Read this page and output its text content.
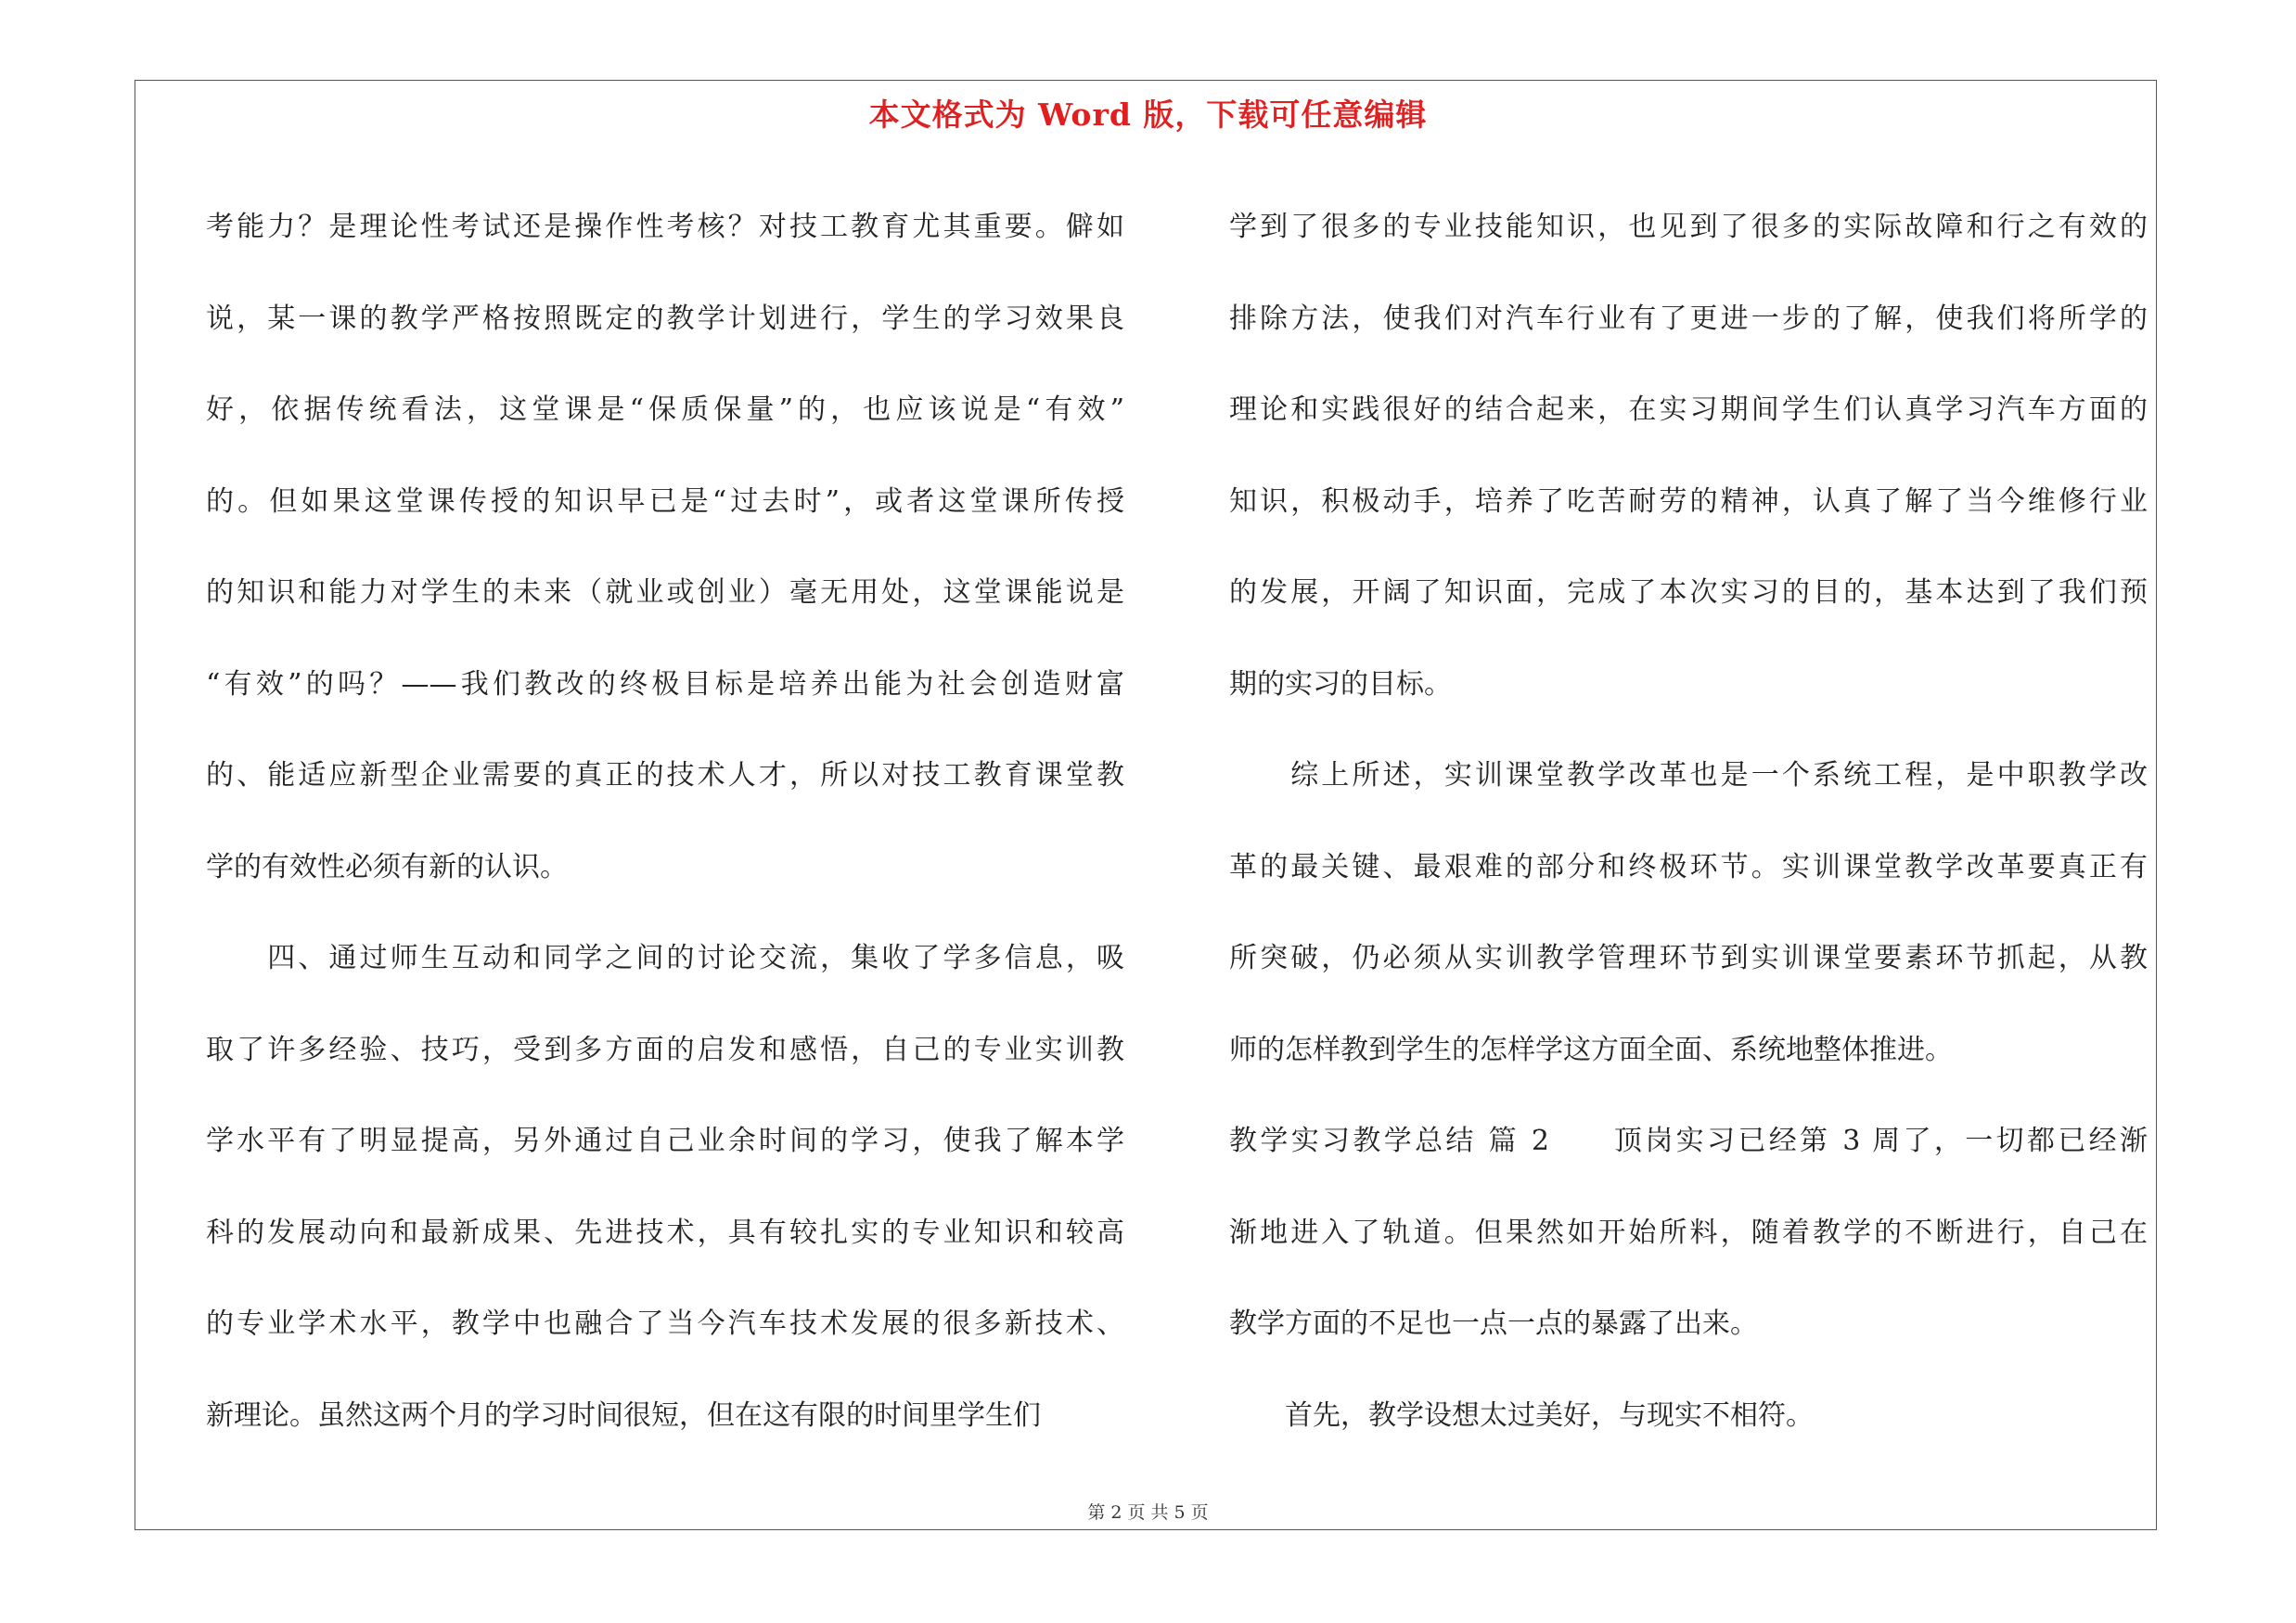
本文格式为 Word 版，下载可任意编辑
考能力？是理论性考试还是操作性考核？对技工教育尤其重要。僻如
说，某一课的教学严格按照既定的教学计划进行，学生的学习效果良
好，依据传统看法，这堂课是“保质保量”的，也应该说是“有效”
的。但如果这堂课传授的知识早已是“过去时”，或者这堂课所传授
的知识和能力对学生的未来（就业或创业）毫无用处，这堂课能说是
“有效”的吗？——我们教改的终极目标是培养出能为社会创造财富
的、能适应新型企业需要的真正的技术人才，所以对技工教育课堂教
学的有效性必须有新的认识。
　　四、通过师生互动和同学之间的讨论交流，集收了学多信息，吸
取了许多经验、技巧，受到多方面的启发和感悟，自己的专业实训教
学水平有了明显提高，另外通过自己业余时间的学习，使我了解本学
科的发展动向和最新成果、先进技术，具有较扎实的专业知识和较高
的专业学术水平，教学中也融合了当今汽车技术发展的很多新技术、
新理论。虽然这两个月的学习时间很短，但在这有限的时间里学生们
学到了很多的专业技能知识，也见到了很多的实际故障和行之有效的
排除方法，使我们对汽车行业有了更进一步的了解，使我们将所学的
理论和实践很好的结合起来，在实习期间学生们认真学习汽车方面的
知识，积极动手，培养了吃苦耐劳的精神，认真了解了当今维修行业
的发展，开阔了知识面，完成了本次实习的目的，基本达到了我们预
期的实习的目标。
　　综上所述，实训课堂教学改革也是一个系统工程，是中职教学改
革的最关键、最艰难的部分和终极环节。实训课堂教学改革要真正有
所突破，仍必须从实训教学管理环节到实训课堂要素环节抓起，从教
师的怎样教到学生的怎样学这方面全面、系统地整体推进。
教学实习教学总结 篇 2　　顶岗实习已经第 3 周了，一切都已经渐
渐地进入了轨道。但果然如开始所料，随着教学的不断进行，自己在
教学方面的不足也一点一点的暴露了出来。
　　首先，教学设想太过美好，与现实不相符。
第 2 页 共 5 页
